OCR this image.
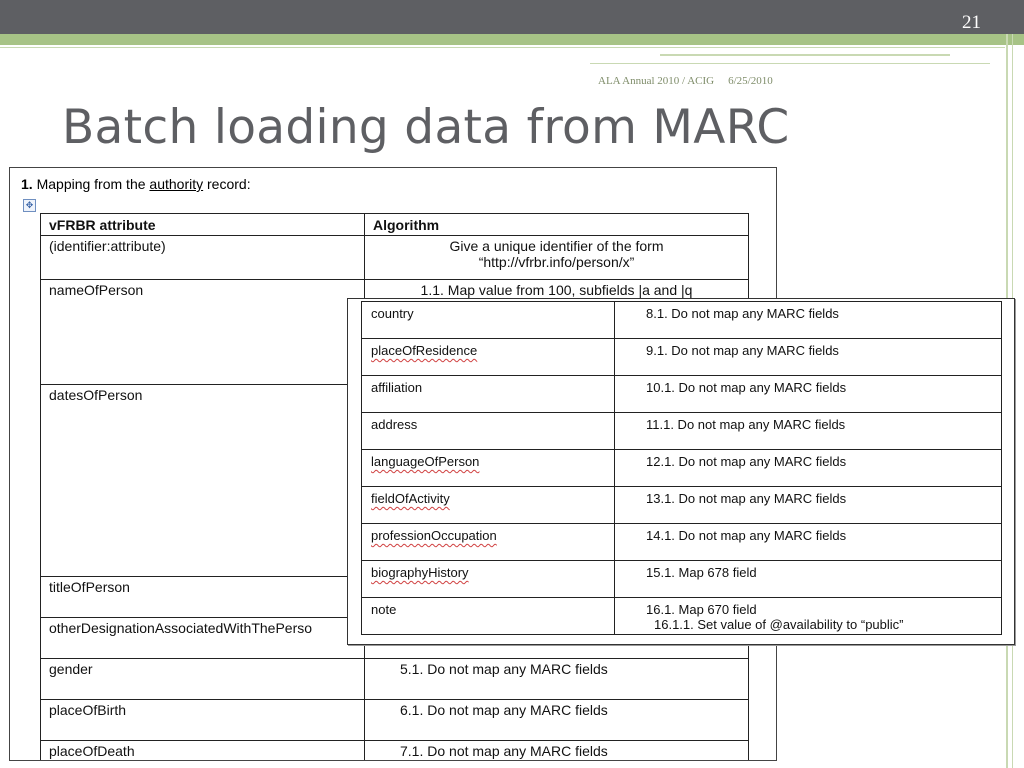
21
ALA Annual 2010 / ACIG 6/25/2010
Batch loading data from MARC
1. Mapping from the authority record:
✥
vFRBR attribute	Algorithm
(identifier:attribute)	Give a unique identifier of the form
“http://vfrbr.info/person/x”

nameOfPerson	1.1. Map value from 100, subfields |a and |q
datesOfPerson	
titleOfPerson	
otherDesignationAssociatedWithThePerso	
gender	5.1. Do not map any MARC fields
placeOfBirth	6.1. Do not map any MARC fields
placeOfDeath	7.1. Do not map any MARC fields
country	8.1. Do not map any MARC fields
placeOfResidence	9.1. Do not map any MARC fields
affiliation	10.1. Do not map any MARC fields
address	11.1. Do not map any MARC fields
languageOfPerson	12.1. Do not map any MARC fields
fieldOfActivity	13.1. Do not map any MARC fields
professionOccupation	14.1. Do not map any MARC fields
biographyHistory	15.1. Map 678 field
note	16.1. Map 670 field
16.1.1. Set value of @availability to “public”
